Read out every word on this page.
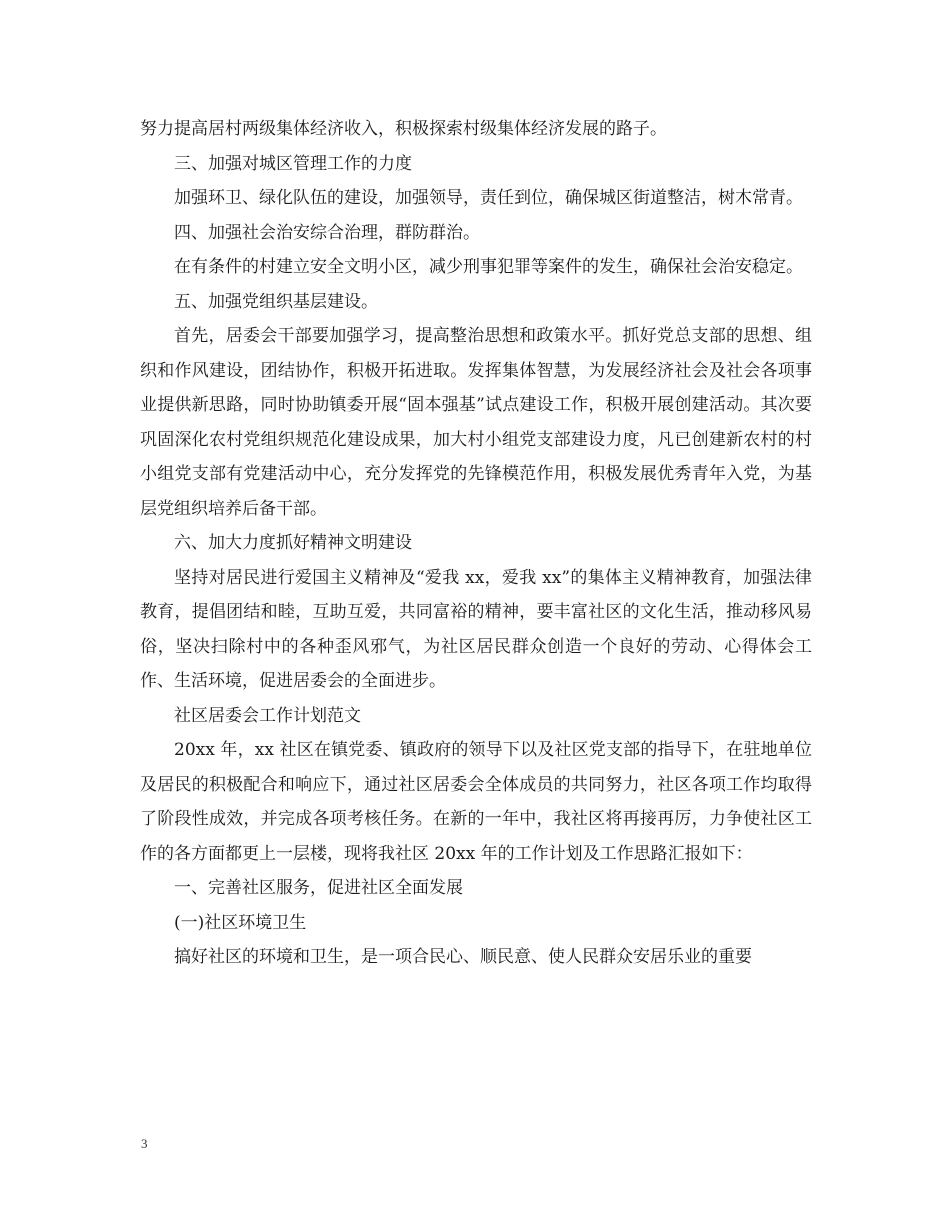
努力提高居村两级集体经济收入，积极探索村级集体经济发展的路子。

三、加强对城区管理工作的力度

加强环卫、绿化队伍的建设，加强领导，责任到位，确保城区街道整洁，树木常青。

四、加强社会治安综合治理，群防群治。

在有条件的村建立安全文明小区，减少刑事犯罪等案件的发生，确保社会治安稳定。

五、加强党组织基层建设。

首先，居委会干部要加强学习，提高整治思想和政策水平。抓好党总支部的思想、组织和作风建设，团结协作，积极开拓进取。发挥集体智慧，为发展经济社会及社会各项事业提供新思路，同时协助镇委开展“固本强基”试点建设工作，积极开展创建活动。其次要巩固深化农村党组织规范化建设成果，加大村小组党支部建设力度，凡已创建新农村的村小组党支部有党建活动中心，充分发挥党的先锋模范作用，积极发展优秀青年入党，为基层党组织培养后备干部。

六、加大力度抓好精神文明建设

坚持对居民进行爱国主义精神及“爱我 xx，爱我 xx”的集体主义精神教育，加强法律教育，提倡团结和睦，互助互爱，共同富裕的精神，要丰富社区的文化生活，推动移风易俗，坚决扫除村中的各种歪风邪气，为社区居民群众创造一个良好的劳动、心得体会工作、生活环境，促进居委会的全面进步。

社区居委会工作计划范文

20xx 年，xx 社区在镇党委、镇政府的领导下以及社区党支部的指导下，在驻地单位及居民的积极配合和响应下，通过社区居委会全体成员的共同努力，社区各项工作均取得了阶段性成效，并完成各项考核任务。在新的一年中，我社区将再接再厉，力争使社区工作的各方面都更上一层楼，现将我社区 20xx 年的工作计划及工作思路汇报如下：

一、完善社区服务，促进社区全面发展

(一)社区环境卫生

搞好社区的环境和卫生，是一项合民心、顺民意、使人民群众安居乐业的重要

3
